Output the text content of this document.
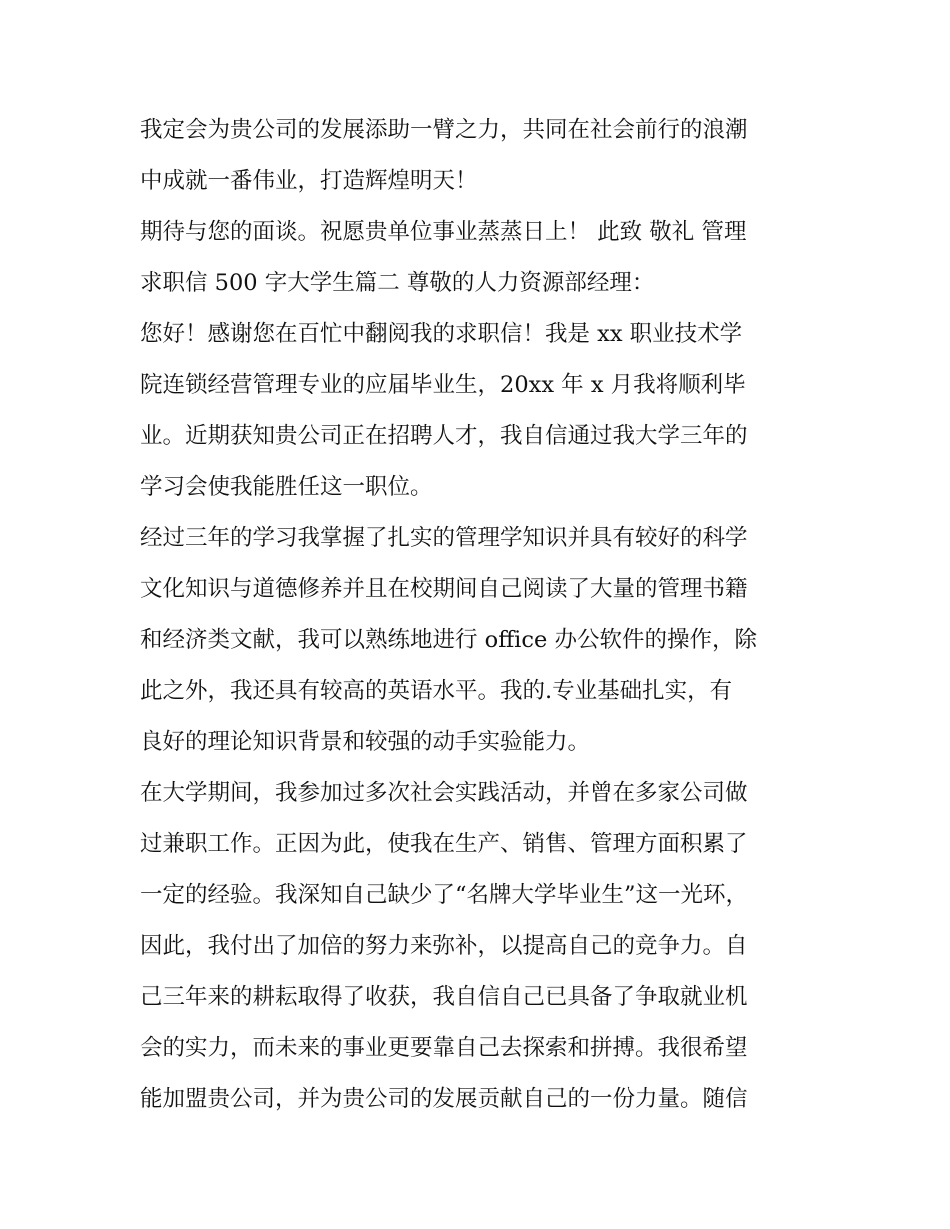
我定会为贵公司的发展添助一臂之力，共同在社会前行的浪潮
中成就一番伟业，打造辉煌明天！
期待与您的面谈。祝愿贵单位事业蒸蒸日上！ 此致 敬礼 管理
求职信 500 字大学生篇二 尊敬的人力资源部经理：
您好！感谢您在百忙中翻阅我的求职信！我是 xx 职业技术学
院连锁经营管理专业的应届毕业生，20xx 年 x 月我将顺利毕
业。近期获知贵公司正在招聘人才，我自信通过我大学三年的
学习会使我能胜任这一职位。
经过三年的学习我掌握了扎实的管理学知识并具有较好的科学
文化知识与道德修养并且在校期间自己阅读了大量的管理书籍
和经济类文献，我可以熟练地进行 office 办公软件的操作，除
此之外，我还具有较高的英语水平。我的.专业基础扎实，有
良好的理论知识背景和较强的动手实验能力。
在大学期间，我参加过多次社会实践活动，并曾在多家公司做
过兼职工作。正因为此，使我在生产、销售、管理方面积累了
一定的经验。我深知自己缺少了“名牌大学毕业生”这一光环，
因此，我付出了加倍的努力来弥补，以提高自己的竞争力。自
己三年来的耕耘取得了收获，我自信自己已具备了争取就业机
会的实力，而未来的事业更要靠自己去探索和拼搏。我很希望
能加盟贵公司，并为贵公司的发展贡献自己的一份力量。随信
